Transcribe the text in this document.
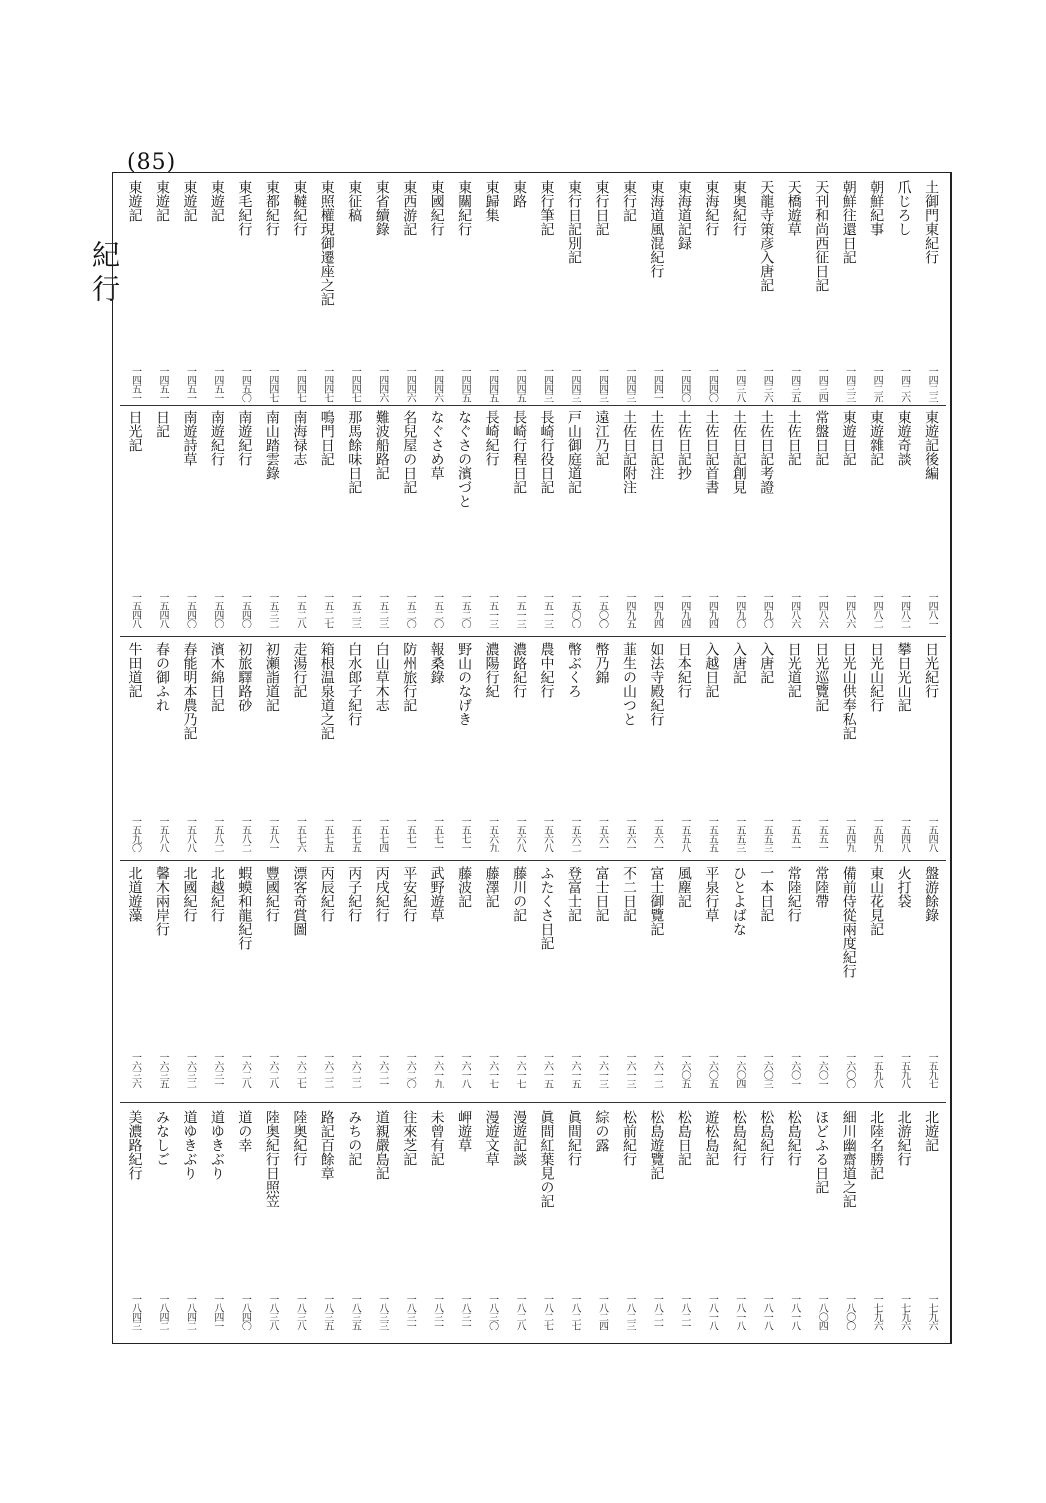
(85)
紀行
土御門東紀行
一四二三
爪じろし
一四二六
朝鮮紀事
一四二元
朝鮮往還日記
一四三三
天刊和尚西征日記
一四三四
天橋遊草
一四三五
天龍寺策彦入唐記
一四三六
東奥紀行
一四三八
東海紀行
一四四〇
東海道記録
一四四〇
東海道風混紀行
一四四一
東行記
一四四三
東行日記
一四四三
東行日記別記
一四四三
東行筆記
一四四三
東路
一四四五
東歸集
一四四五
東關紀行
一四四五
東國紀行
一四四六
東西游記
一四四六
東省續錄
一四四六
東征稿
一四四七
東照權現御遷座之記
一四四七
東韃紀行
一四四七
東都紀行
一四四七
東毛紀行
一四五〇
東遊記
一四五一
東遊記
一四五一
東遊記
一四五一
東遊記
一四五一
東遊記後編
一四八一
東遊奇談
一四八二
東遊雜記
一四八二
東遊日記
一四八六
常盤日記
一四八六
土佐日記
一四八六
土佐日記考證
一四九〇
土佐日記創見
一四九〇
土佐日記首書
一四九四
土佐日記抄
一四九四
土佐日記注
一四九四
土佐日記附注
一四九五
遠江乃記
一五〇〇
戸山御庭道記
一五〇〇
長崎行役日記
一五一三
長崎行程日記
一五一三
長崎紀行
一五一三
なぐさの濱づと
一五二〇
なぐさめ草
一五二〇
名兒屋の日記
一五二〇
難波船路記
一五二三
那馬餘味日記
一五二三
鳴門日記
一五二七
南海禄志
一五二八
南山踏雲錄
一五三二
南遊紀行
一五四〇
南遊紀行
一五四〇
南遊詩草
一五四〇
日記
一五四八
日光記
一五四八
日光紀行
一五四八
攀日光山記
一五四八
日光山紀行
一五四九
日光山供奉私記
一五四九
日光巡覽記
一五五一
日光道記
一五五一
入唐記
一五五三
入唐記
一五五三
入越日記
一五五五
日本紀行
一五五八
如法寺殿紀行
一五六一
韮生の山つと
一五六一
幣乃錦
一五六一
幣ぶくろ
一五六二
農中紀行
一五六八
濃路紀行
一五六八
濃陽行紀
一五六九
野山のなげき
一五七一
報桑錄
一五七一
防州旅行記
一五七一
白山草木志
一五七四
白水郎子紀行
一五七五
箱根温泉道之記
一五七五
走湯行記
一五七六
初瀬詣道記
一五八一
初旅驛路砂
一五八二
濱木綿日記
一五八二
春能明本農乃記
一五八八
春の御ふれ
一五八八
牛田道記
一五九〇
盤游餘錄
一五九七
火打袋
一五九八
東山花見記
一五九八
備前侍從兩度紀行
一六〇〇
常陸帶
一六〇一
常陸紀行
一六〇一
一本日記
一六〇三
ひとよばな
一六〇四
平泉行草
一六〇五
風塵記
一六〇五
富士御覽記
一六一二
不二日記
一六一三
富士日記
一六一三
登富士記
一六一五
ふたくさ日記
一六一五
藤川の記
一六一七
藤澤記
一六一七
藤波記
一六一八
武野遊草
一六一九
平安紀行
一六二〇
丙戌紀行
一六二一
丙子紀行
一六二二
丙辰紀行
一六二二
漂客奇賞圖
一六二七
豐國紀行
一六二八
蝦蟆和龍紀行
一六二八
北越紀行
一六三一
北國紀行
一六三二
馨木兩岸行
一六三五
北道遊藻
一六三六
北遊記
一七九六
北游紀行
一七九六
北陸名勝記
一七九六
細川幽齋道之記
一八〇〇
ほどふる日記
一八〇四
松島紀行
一八一八
松島紀行
一八一八
松島紀行
一八一八
遊松島記
一八一八
松島日記
一八二一
松島遊覽記
一八二一
松前紀行
一八二三
綜の露
一八二四
眞間紀行
一八二七
眞間紅葉見の記
一八二七
漫遊記談
一八二八
漫遊文草
一八三〇
岬遊草
一八三一
未曾有記
一八三一
往來芝記
一八三一
道親嚴島記
一八三三
みちの記
一八三五
路記百餘章
一八三五
陸奥紀行
一八三八
陸奥紀行日照笠
一八三八
道の幸
一八四〇
道ゆきぶり
一八四一
道ゆきぶり
一八四二
みなしご
一八四二
美濃路紀行
一八四三
